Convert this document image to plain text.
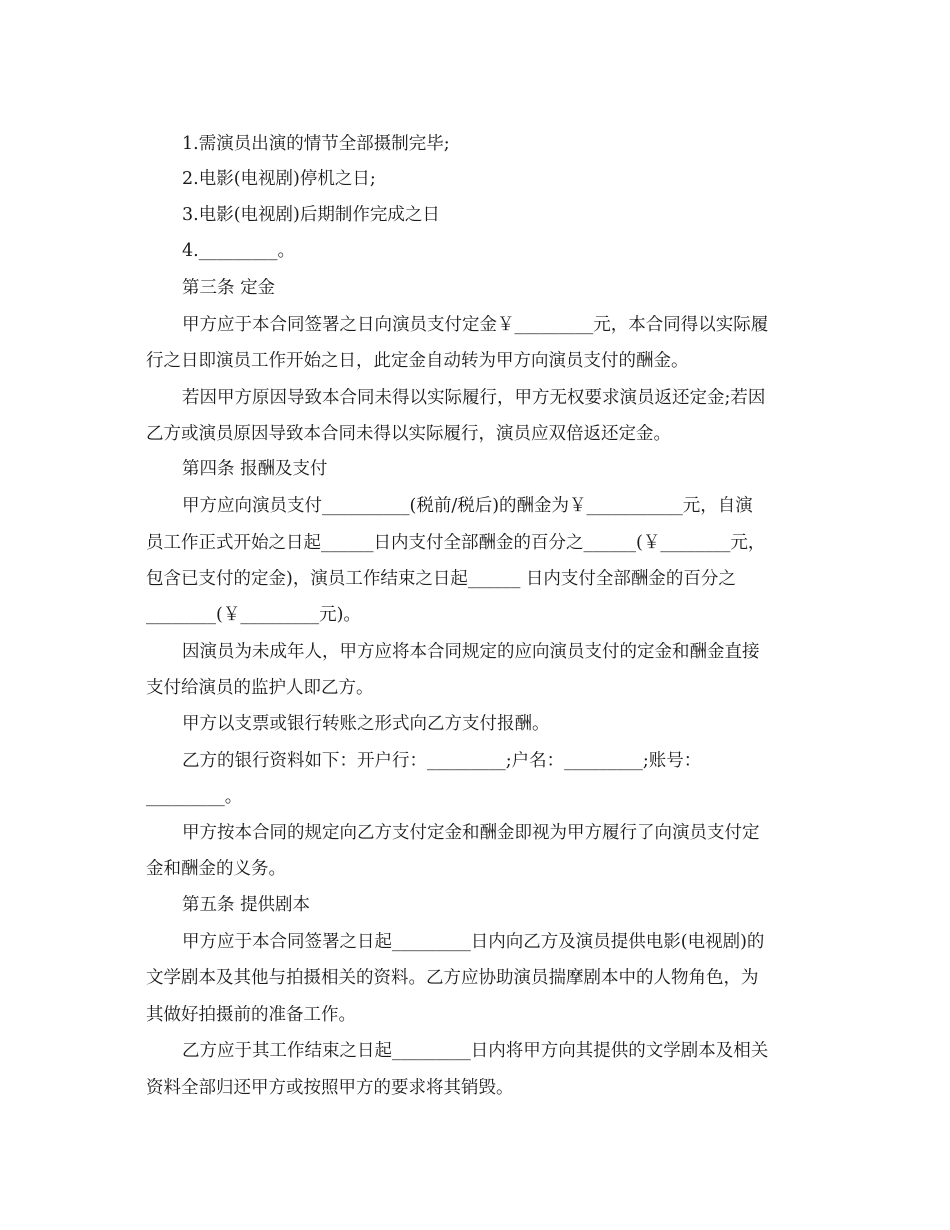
1.需演员出演的情节全部摄制完毕;
2.电影(电视剧)停机之日;
3.电影(电视剧)后期制作完成之日
4._________。
第三条 定金
甲方应于本合同签署之日向演员支付定金￥_________元，本合同得以实际履
行之日即演员工作开始之日，此定金自动转为甲方向演员支付的酬金。
若因甲方原因导致本合同未得以实际履行，甲方无权要求演员返还定金;若因
乙方或演员原因导致本合同未得以实际履行，演员应双倍返还定金。
第四条 报酬及支付
甲方应向演员支付__________(税前/税后)的酬金为￥___________元，自演
员工作正式开始之日起______日内支付全部酬金的百分之______(￥________元，
包含已支付的定金)，演员工作结束之日起______ 日内支付全部酬金的百分之
________(￥_________元)。
因演员为未成年人，甲方应将本合同规定的应向演员支付的定金和酬金直接
支付给演员的监护人即乙方。
甲方以支票或银行转账之形式向乙方支付报酬。
乙方的银行资料如下：开户行：_________;户名：_________;账号：
_________。
甲方按本合同的规定向乙方支付定金和酬金即视为甲方履行了向演员支付定
金和酬金的义务。
第五条 提供剧本
甲方应于本合同签署之日起_________日内向乙方及演员提供电影(电视剧)的
文学剧本及其他与拍摄相关的资料。乙方应协助演员揣摩剧本中的人物角色，为
其做好拍摄前的准备工作。
乙方应于其工作结束之日起_________日内将甲方向其提供的文学剧本及相关
资料全部归还甲方或按照甲方的要求将其销毁。
